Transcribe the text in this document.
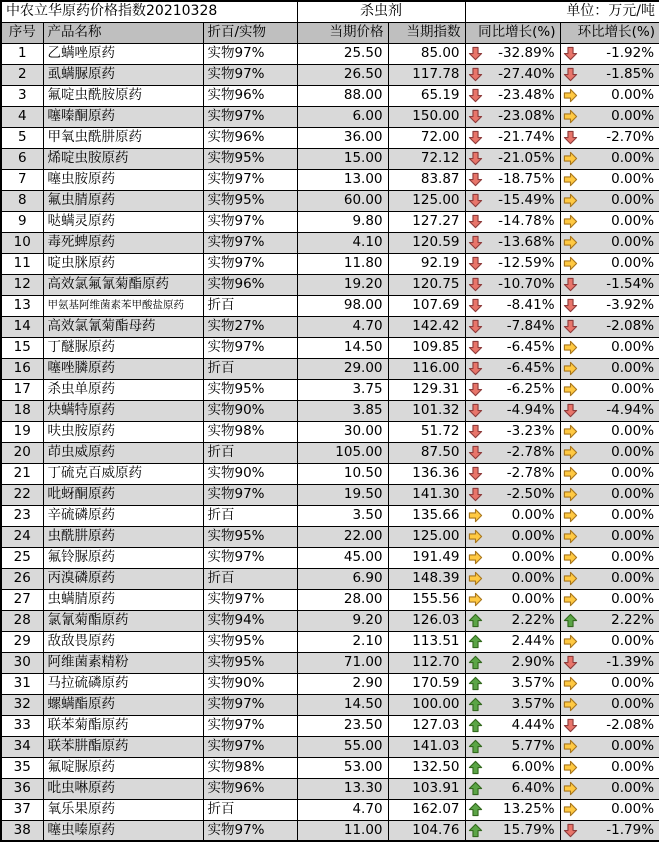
中农立华原药价格指数20210328			杀虫剂		单位：万元/吨	
序号	产品名称	折百/实物	当期价格	当期指数	同比增长(%)	环比增长(%)
1	乙螨唑原药	实物97%	25.50	85.00	-32.89%	-1.92%
2	虱螨脲原药	实物97%	26.50	117.78	-27.40%	-1.85%
3	氟啶虫酰胺原药	实物96%	88.00	65.19	-23.48%	0.00%
4	噻嗪酮原药	实物97%	6.00	150.00	-23.08%	0.00%
5	甲氧虫酰肼原药	实物96%	36.00	72.00	-21.74%	-2.70%
6	烯啶虫胺原药	实物95%	15.00	72.12	-21.05%	0.00%
7	噻虫胺原药	实物97%	13.00	83.87	-18.75%	0.00%
8	氟虫腈原药	实物95%	60.00	125.00	-15.49%	0.00%
9	哒螨灵原药	实物97%	9.80	127.27	-14.78%	0.00%
10	毒死蜱原药	实物97%	4.10	120.59	-13.68%	0.00%
11	啶虫脒原药	实物97%	11.80	92.19	-12.59%	0.00%
12	高效氯氟氰菊酯原药	实物96%	19.20	120.75	-10.70%	-1.54%
13	甲氨基阿维菌素苯甲酸盐原药	折百	98.00	107.69	-8.41%	-3.92%
14	高效氯氰菊酯母药	实物27%	4.70	142.42	-7.84%	-2.08%
15	丁醚脲原药	实物97%	14.50	109.85	-6.45%	0.00%
16	噻唑膦原药	折百	29.00	116.00	-6.45%	0.00%
17	杀虫单原药	实物95%	3.75	129.31	-6.25%	0.00%
18	炔螨特原药	实物90%	3.85	101.32	-4.94%	-4.94%
19	呋虫胺原药	实物98%	30.00	51.72	-3.23%	0.00%
20	茚虫威原药	折百	105.00	87.50	-2.78%	0.00%
21	丁硫克百威原药	实物90%	10.50	136.36	-2.78%	0.00%
22	吡蚜酮原药	实物97%	19.50	141.30	-2.50%	0.00%
23	辛硫磷原药	折百	3.50	135.66	0.00%	0.00%
24	虫酰肼原药	实物95%	22.00	125.00	0.00%	0.00%
25	氟铃脲原药	实物97%	45.00	191.49	0.00%	0.00%
26	丙溴磷原药	折百	6.90	148.39	0.00%	0.00%
27	虫螨腈原药	实物97%	28.00	155.56	0.00%	0.00%
28	氯氰菊酯原药	实物94%	9.20	126.03	2.22%	2.22%
29	敌敌畏原药	实物95%	2.10	113.51	2.44%	0.00%
30	阿维菌素精粉	实物95%	71.00	112.70	2.90%	-1.39%
31	马拉硫磷原药	实物90%	2.90	170.59	3.57%	0.00%
32	螺螨酯原药	实物97%	14.50	100.00	3.57%	0.00%
33	联苯菊酯原药	实物97%	23.50	127.03	4.44%	-2.08%
34	联苯肼酯原药	实物97%	55.00	141.03	5.77%	0.00%
35	氟啶脲原药	实物98%	53.00	132.50	6.00%	0.00%
36	吡虫啉原药	实物96%	13.30	103.91	6.40%	0.00%
37	氧乐果原药	折百	4.70	162.07	13.25%	0.00%
38	噻虫嗪原药	实物97%	11.00	104.76	15.79%	-1.79%
